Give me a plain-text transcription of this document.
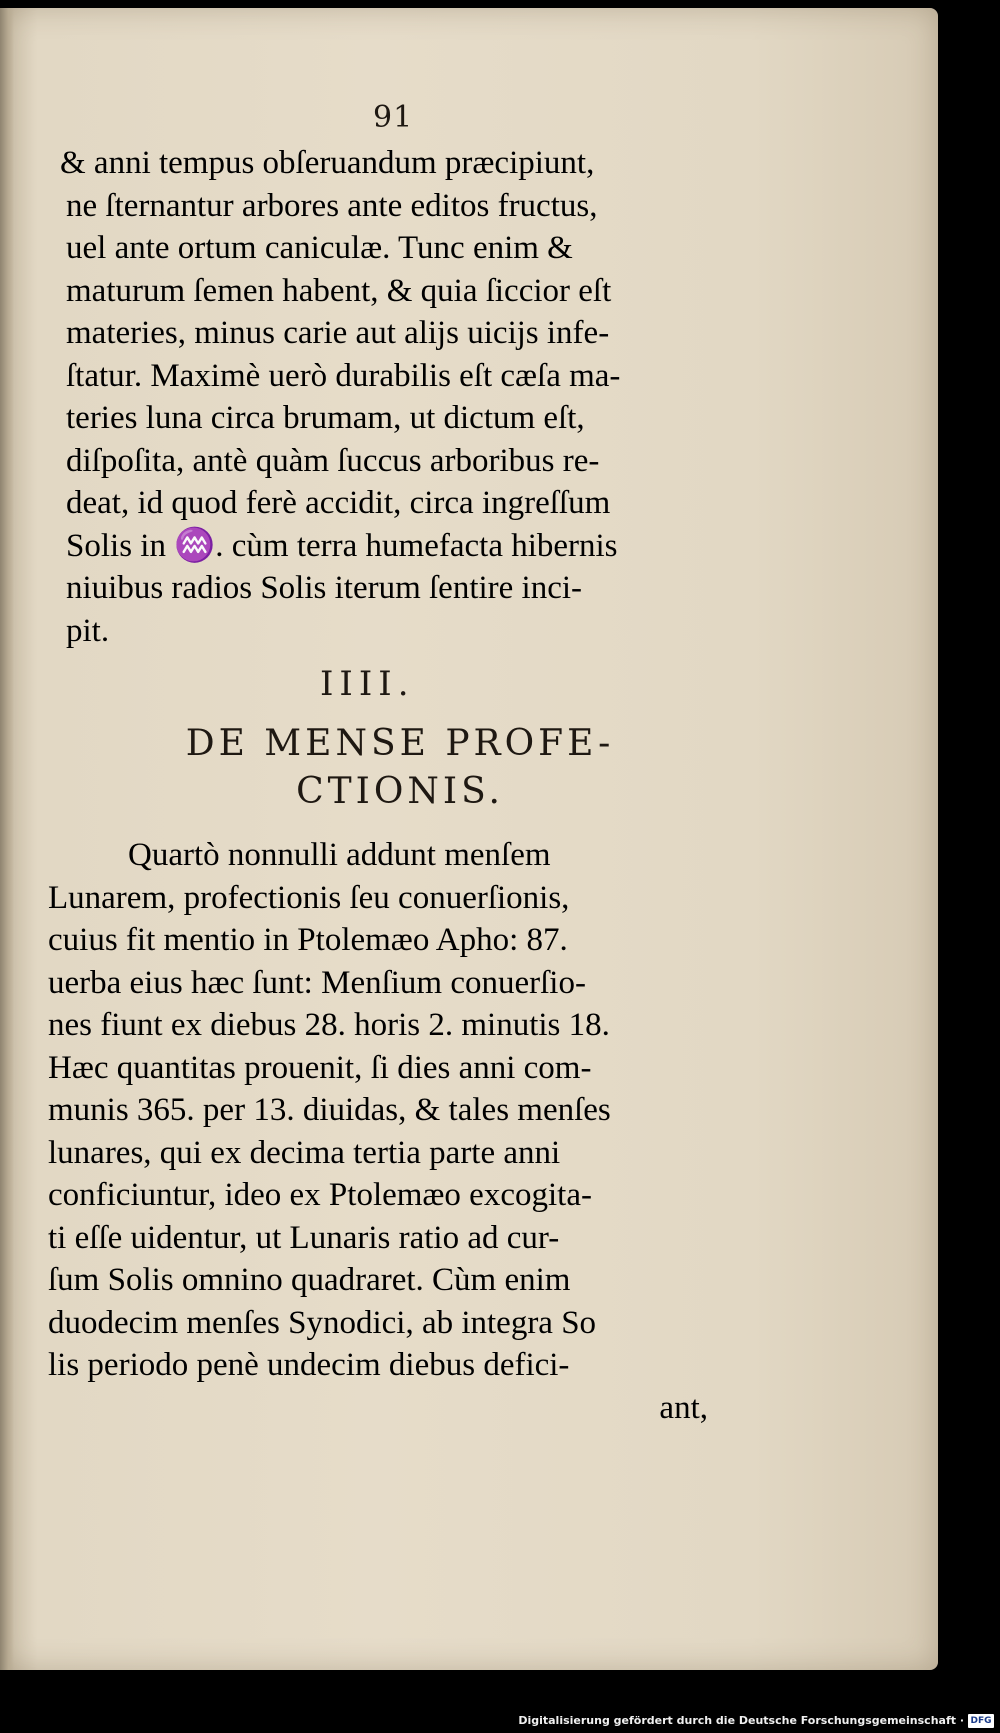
91
& anni tempus obſeruandum præcipiunt,
ne ſternantur arbores ante editos fructus,
uel ante ortum caniculæ. Tunc enim &
maturum ſemen habent, & quia ſiccior eſt
materies, minus carie aut alĳs uicĳs infe-
ſtatur. Maximè uerò durabilis eſt cæſa ma-
teries luna circa brumam, ut dictum eſt,
diſpoſita, antè quàm ſuccus arboribus re-
deat, id quod ferè accidit, circa ingreſſum
Solis in ♒. cùm terra humefacta hibernis
niuibus radios Solis iterum ſentire inci-
pit.
IIII.
DE MENSE PROFE-
CTIONIS.
Quartò nonnulli addunt menſem
Lunarem, profectionis ſeu conuerſionis,
cuius fit mentio in Ptolemæo Apho: 87.
uerba eius hæc ſunt: Menſium conuerſio-
nes fiunt ex diebus 28. horis 2. minutis 18.
Hæc quantitas prouenit, ſi dies anni com-
munis 365. per 13. diuidas, & tales menſes
lunares, qui ex decima tertia parte anni
conficiuntur, ideo ex Ptolemæo excogita-
ti eſſe uidentur, ut Lunaris ratio ad cur-
ſum Solis omnino quadraret. Cùm enim
duodecim menſes Synodici, ab integra So
lis periodo penè undecim diebus defici-
ant,
Digitalisierung gefördert durch die Deutsche Forschungsgemeinschaft · DFG
